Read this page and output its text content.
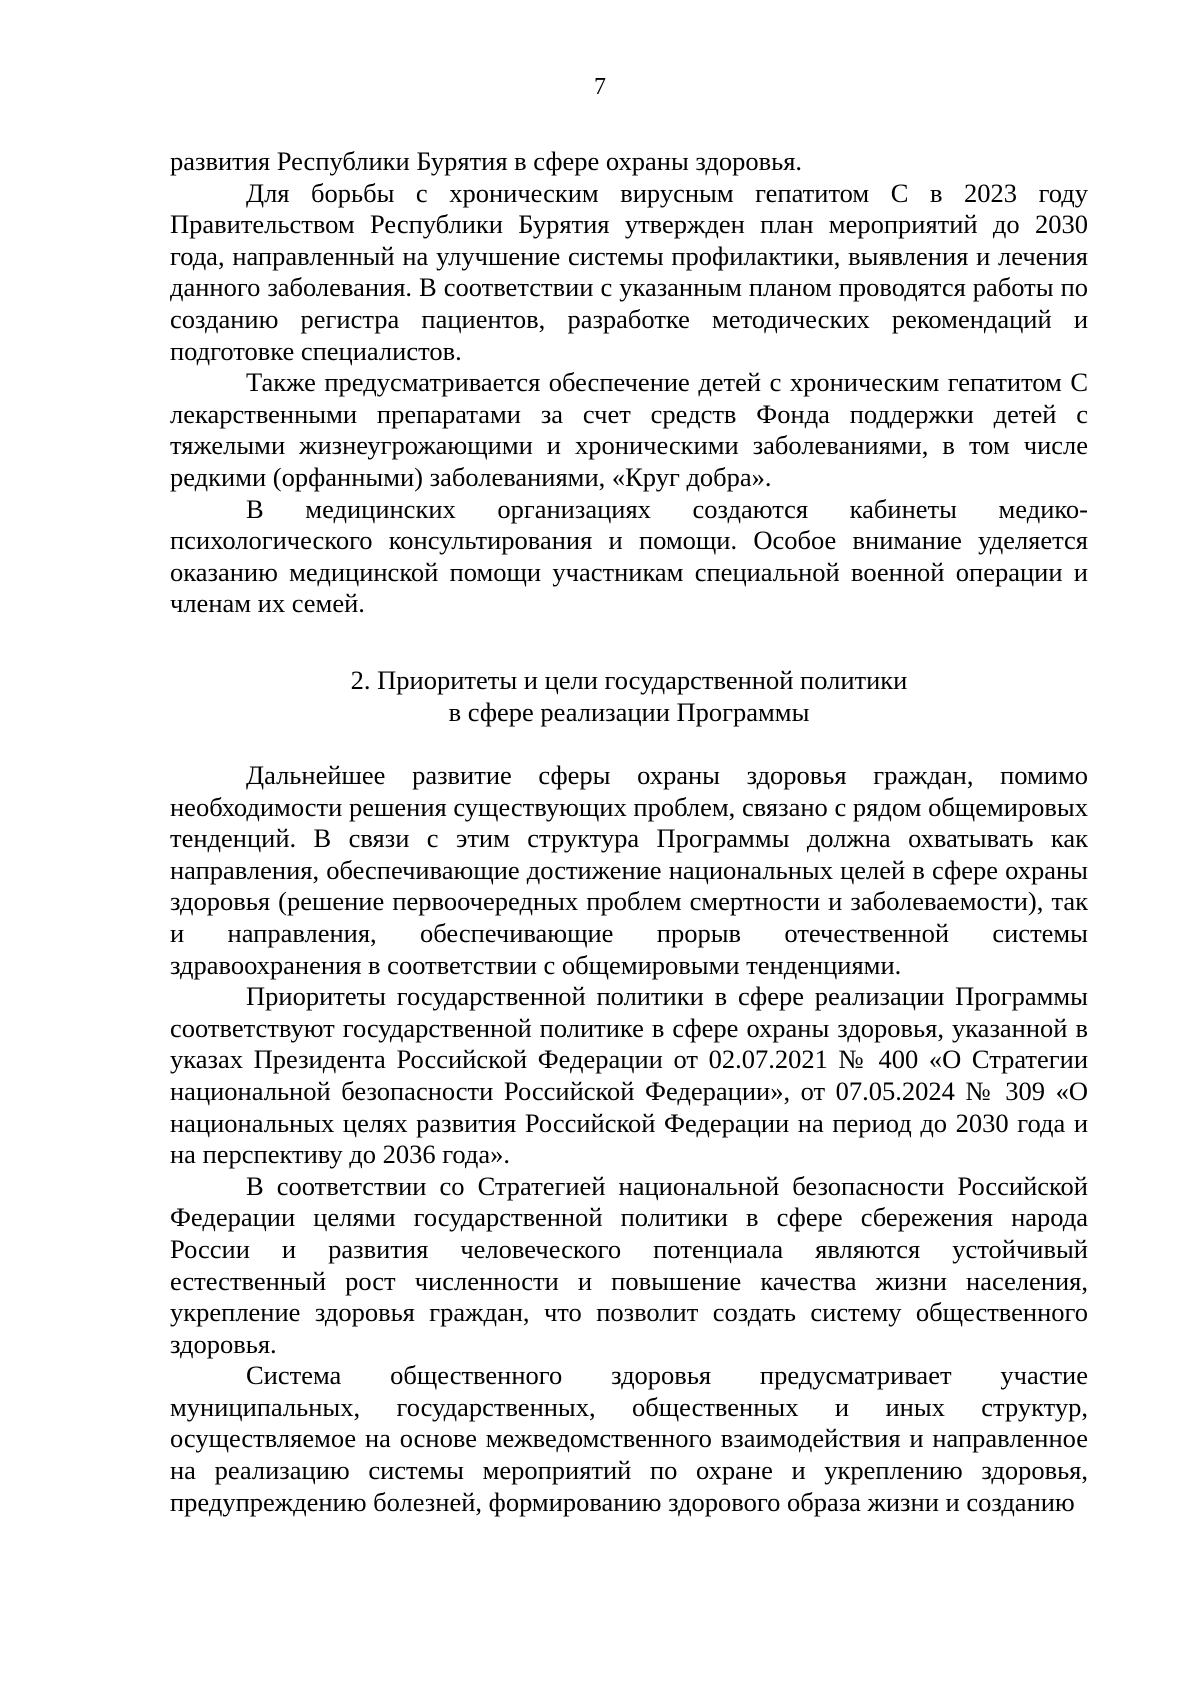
7

развития Республики Бурятия в сфере охраны здоровья.

Для борьбы с хроническим вирусным гепатитом С в 2023 году Правительством Республики Бурятия утвержден план мероприятий до 2030 года, направленный на улучшение системы профилактики, выявления и лечения данного заболевания. В соответствии с указанным планом проводятся работы по созданию регистра пациентов, разработке методических рекомендаций и подготовке специалистов.

Также предусматривается обеспечение детей с хроническим гепатитом С лекарственными препаратами за счет средств Фонда поддержки детей с тяжелыми жизнеугрожающими и хроническими заболеваниями, в том числе редкими (орфанными) заболеваниями, «Круг добра».

В медицинских организациях создаются кабинеты медико-психологического консультирования и помощи. Особое внимание уделяется оказанию медицинской помощи участникам специальной военной операции и членам их семей.

2. Приоритеты и цели государственной политики
в сфере реализации Программы

Дальнейшее развитие сферы охраны здоровья граждан, помимо необходимости решения существующих проблем, связано с рядом общемировых тенденций. В связи с этим структура Программы должна охватывать как направления, обеспечивающие достижение национальных целей в сфере охраны здоровья (решение первоочередных проблем смертности и заболеваемости), так и направления, обеспечивающие прорыв отечественной системы здравоохранения в соответствии с общемировыми тенденциями.

Приоритеты государственной политики в сфере реализации Программы соответствуют государственной политике в сфере охраны здоровья, указанной в указах Президента Российской Федерации от 02.07.2021 № 400 «О Стратегии национальной безопасности Российской Федерации», от 07.05.2024 № 309 «О национальных целях развития Российской Федерации на период до 2030 года и на перспективу до 2036 года».

В соответствии со Стратегией национальной безопасности Российской Федерации целями государственной политики в сфере сбережения народа России и развития человеческого потенциала являются устойчивый естественный рост численности и повышение качества жизни населения, укрепление здоровья граждан, что позволит создать систему общественного здоровья.

Система общественного здоровья предусматривает участие муниципальных, государственных, общественных и иных структур, осуществляемое на основе межведомственного взаимодействия и направленное на реализацию системы мероприятий по охране и укреплению здоровья, предупреждению болезней, формированию здорового образа жизни и созданию
